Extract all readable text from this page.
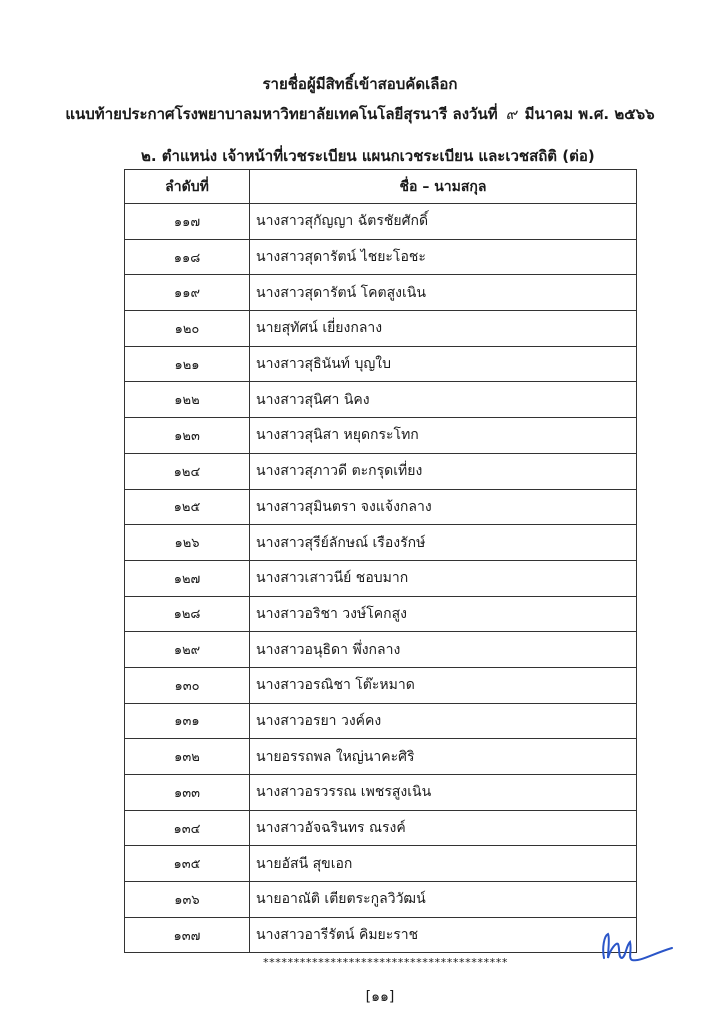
รายชื่อผู้มีสิทธิ์เข้าสอบคัดเลือก
แนบท้ายประกาศโรงพยาบาลมหาวิทยาลัยเทคโนโลยีสุรนารี ลงวันที่ ๙ มีนาคม พ.ศ. ๒๕๖๖
๒. ตำแหน่ง เจ้าหน้าที่เวชระเบียน แผนกเวชระเบียน และเวชสถิติ (ต่อ)
ลำดับที่	ชื่อ – นามสกุล
๑๑๗	นางสาวสุกัญญา ฉัตรชัยศักดิ์
๑๑๘	นางสาวสุดารัตน์ ไชยะโอชะ
๑๑๙	นางสาวสุดารัตน์ โคตสูงเนิน
๑๒๐	นายสุทัศน์ เยี่ยงกลาง
๑๒๑	นางสาวสุธินันท์ บุญใบ
๑๒๒	นางสาวสุนิศา นิคง
๑๒๓	นางสาวสุนิสา หยุดกระโทก
๑๒๔	นางสาวสุภาวดี ตะกรุดเที่ยง
๑๒๕	นางสาวสุมินตรา จงแจ้งกลาง
๑๒๖	นางสาวสุรีย์ลักษณ์ เรืองรักษ์
๑๒๗	นางสาวเสาวนีย์ ชอบมาก
๑๒๘	นางสาวอริชา วงษ์โคกสูง
๑๒๙	นางสาวอนุธิดา พึ่งกลาง
๑๓๐	นางสาวอรณิชา โต๊ะหมาด
๑๓๑	นางสาวอรยา วงค์คง
๑๓๒	นายอรรถพล ใหญ่นาคะศิริ
๑๓๓	นางสาวอรวรรณ เพชรสูงเนิน
๑๓๔	นางสาวอัจฉรินทร ณรงค์
๑๓๕	นายอัสนี สุขเอก
๑๓๖	นายอาณัติ เตียตระกูลวิวัฒน์
๑๓๗	นางสาวอารีรัตน์ คิมยะราช
****************************************
[๑๑]
